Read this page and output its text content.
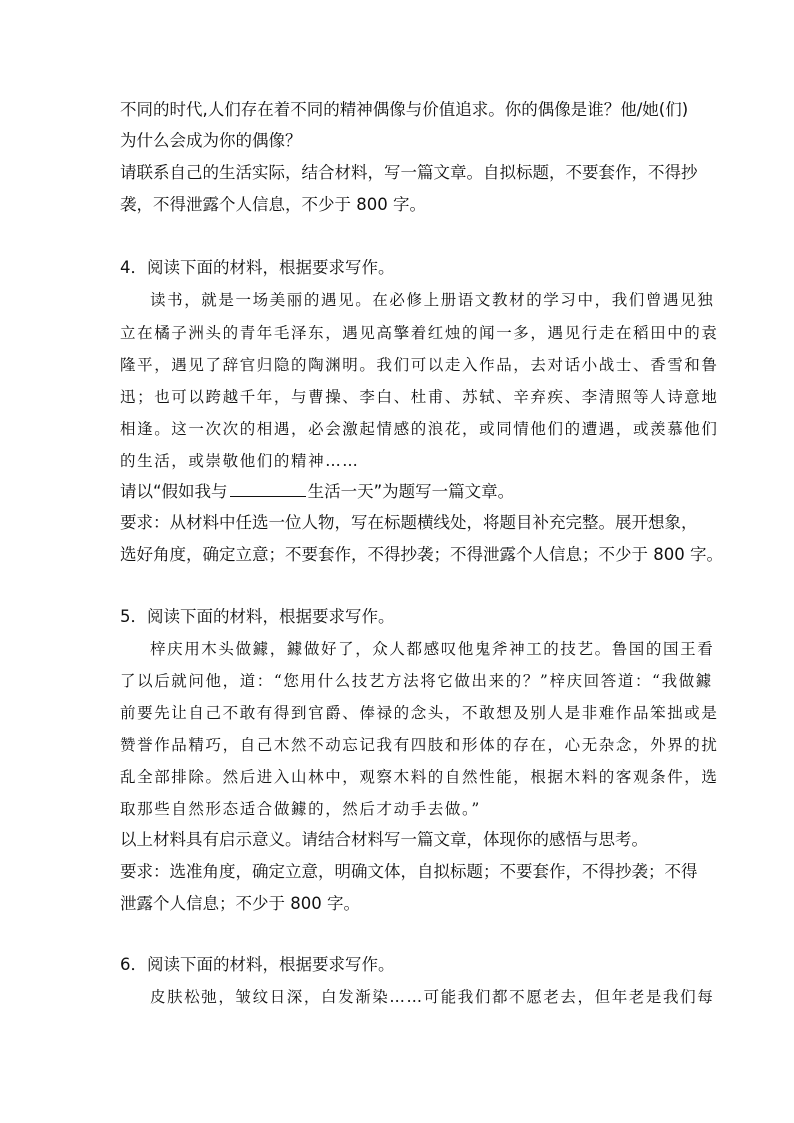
不同的时代,人们存在着不同的精神偶像与价值追求。你的偶像是谁？他/她(们)
为什么会成为你的偶像？
请联系自己的生活实际，结合材料，写一篇文章。自拟标题，不要套作，不得抄
袭，不得泄露个人信息，不少于 800 字。
4．阅读下面的材料，根据要求写作。
读书，就是一场美丽的遇见。在必修上册语文教材的学习中，我们曾遇见独
立在橘子洲头的青年毛泽东，遇见高擎着红烛的闻一多，遇见行走在稻田中的袁
隆平，遇见了辞官归隐的陶渊明。我们可以走入作品，去对话小战士、香雪和鲁
迅；也可以跨越千年，与曹操、李白、杜甫、苏轼、辛弃疾、李清照等人诗意地
相逢。这一次次的相遇，必会激起情感的浪花，或同情他们的遭遇，或羡慕他们
的生活，或崇敬他们的精神……
请以“假如我与	生活一天”为题写一篇文章。
要求：从材料中任选一位人物，写在标题横线处，将题目补充完整。展开想象，
选好角度，确定立意；不要套作，不得抄袭；不得泄露个人信息；不少于 800 字。
5．阅读下面的材料，根据要求写作。
梓庆用木头做鐻，鐻做好了，众人都感叹他鬼斧神工的技艺。鲁国的国王看
了以后就问他，道：“您用什么技艺方法将它做出来的？”梓庆回答道：“我做鐻
前要先让自己不敢有得到官爵、俸禄的念头，不敢想及别人是非难作品笨拙或是
赞誉作品精巧，自己木然不动忘记我有四肢和形体的存在，心无杂念，外界的扰
乱全部排除。然后进入山林中，观察木料的自然性能，根据木料的客观条件，选
取那些自然形态适合做鐻的，然后才动手去做。”
以上材料具有启示意义。请结合材料写一篇文章，体现你的感悟与思考。
要求：选准角度，确定立意，明确文体，自拟标题；不要套作，不得抄袭；不得
泄露个人信息；不少于 800 字。
6．阅读下面的材料，根据要求写作。
皮肤松弛，皱纹日深，白发渐染……可能我们都不愿老去，但年老是我们每
